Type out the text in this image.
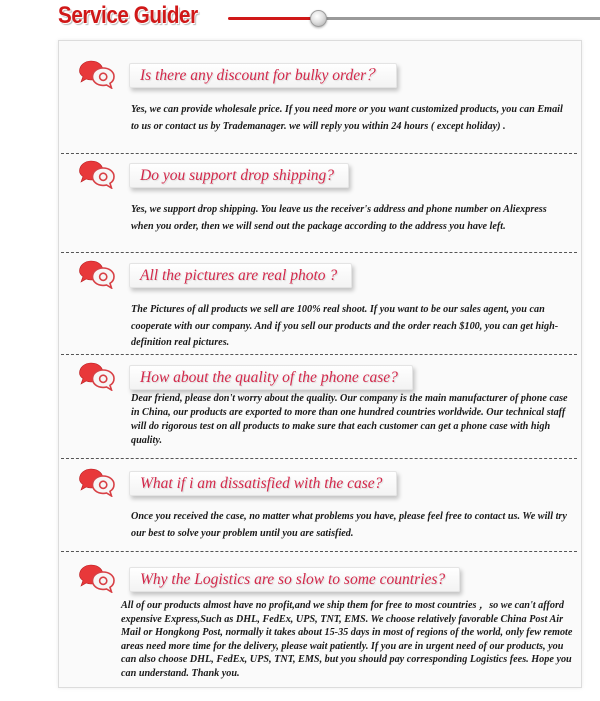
Service Guider
Is there any discount for bulky order？

Yes, we can provide wholesale price. If you need more or you want customized products, you can Email to us or contact us by Trademanager. we will reply you within 24 hours ( except holiday) .

Do you support drop shipping?

Yes, we support drop shipping. You leave us the receiver's address and phone number on Aliexpress when you order, then we will send out the package according to the address you have left.

All the pictures are real photo ?

The Pictures of all products we sell are 100% real shoot. If you want to be our sales agent, you can cooperate with our company. And if you sell our products and the order reach $100, you can get high-definition real pictures.

How about the quality of the phone case?

Dear friend, please don't worry about the quality. Our company is the main manufacturer of phone case in China, our products are exported to more than one hundred countries worldwide. Our technical staff will do rigorous test on all products to make sure that each customer can get a phone case with high quality.

What if i am dissatisfied with the case?

Once you received the case, no matter what problems you have, please feel free to contact us. We will try our best to solve your problem until you are satisfied.

Why the Logistics are so slow to some countries?

All of our products almost have no profit,and we ship them for free to most countries ，so we can't afford expensive Express,Such as DHL, FedEx, UPS, TNT, EMS. We choose relatively favorable China Post Air Mail or Hongkong Post, normally it takes about 15-35 days in most of regions of the world, only few remote areas need more time for the delivery, please wait patiently. If you are in urgent need of our products, you can also choose DHL, FedEx, UPS, TNT, EMS, but you should pay corresponding Logistics fees. Hope you can understand. Thank you.
